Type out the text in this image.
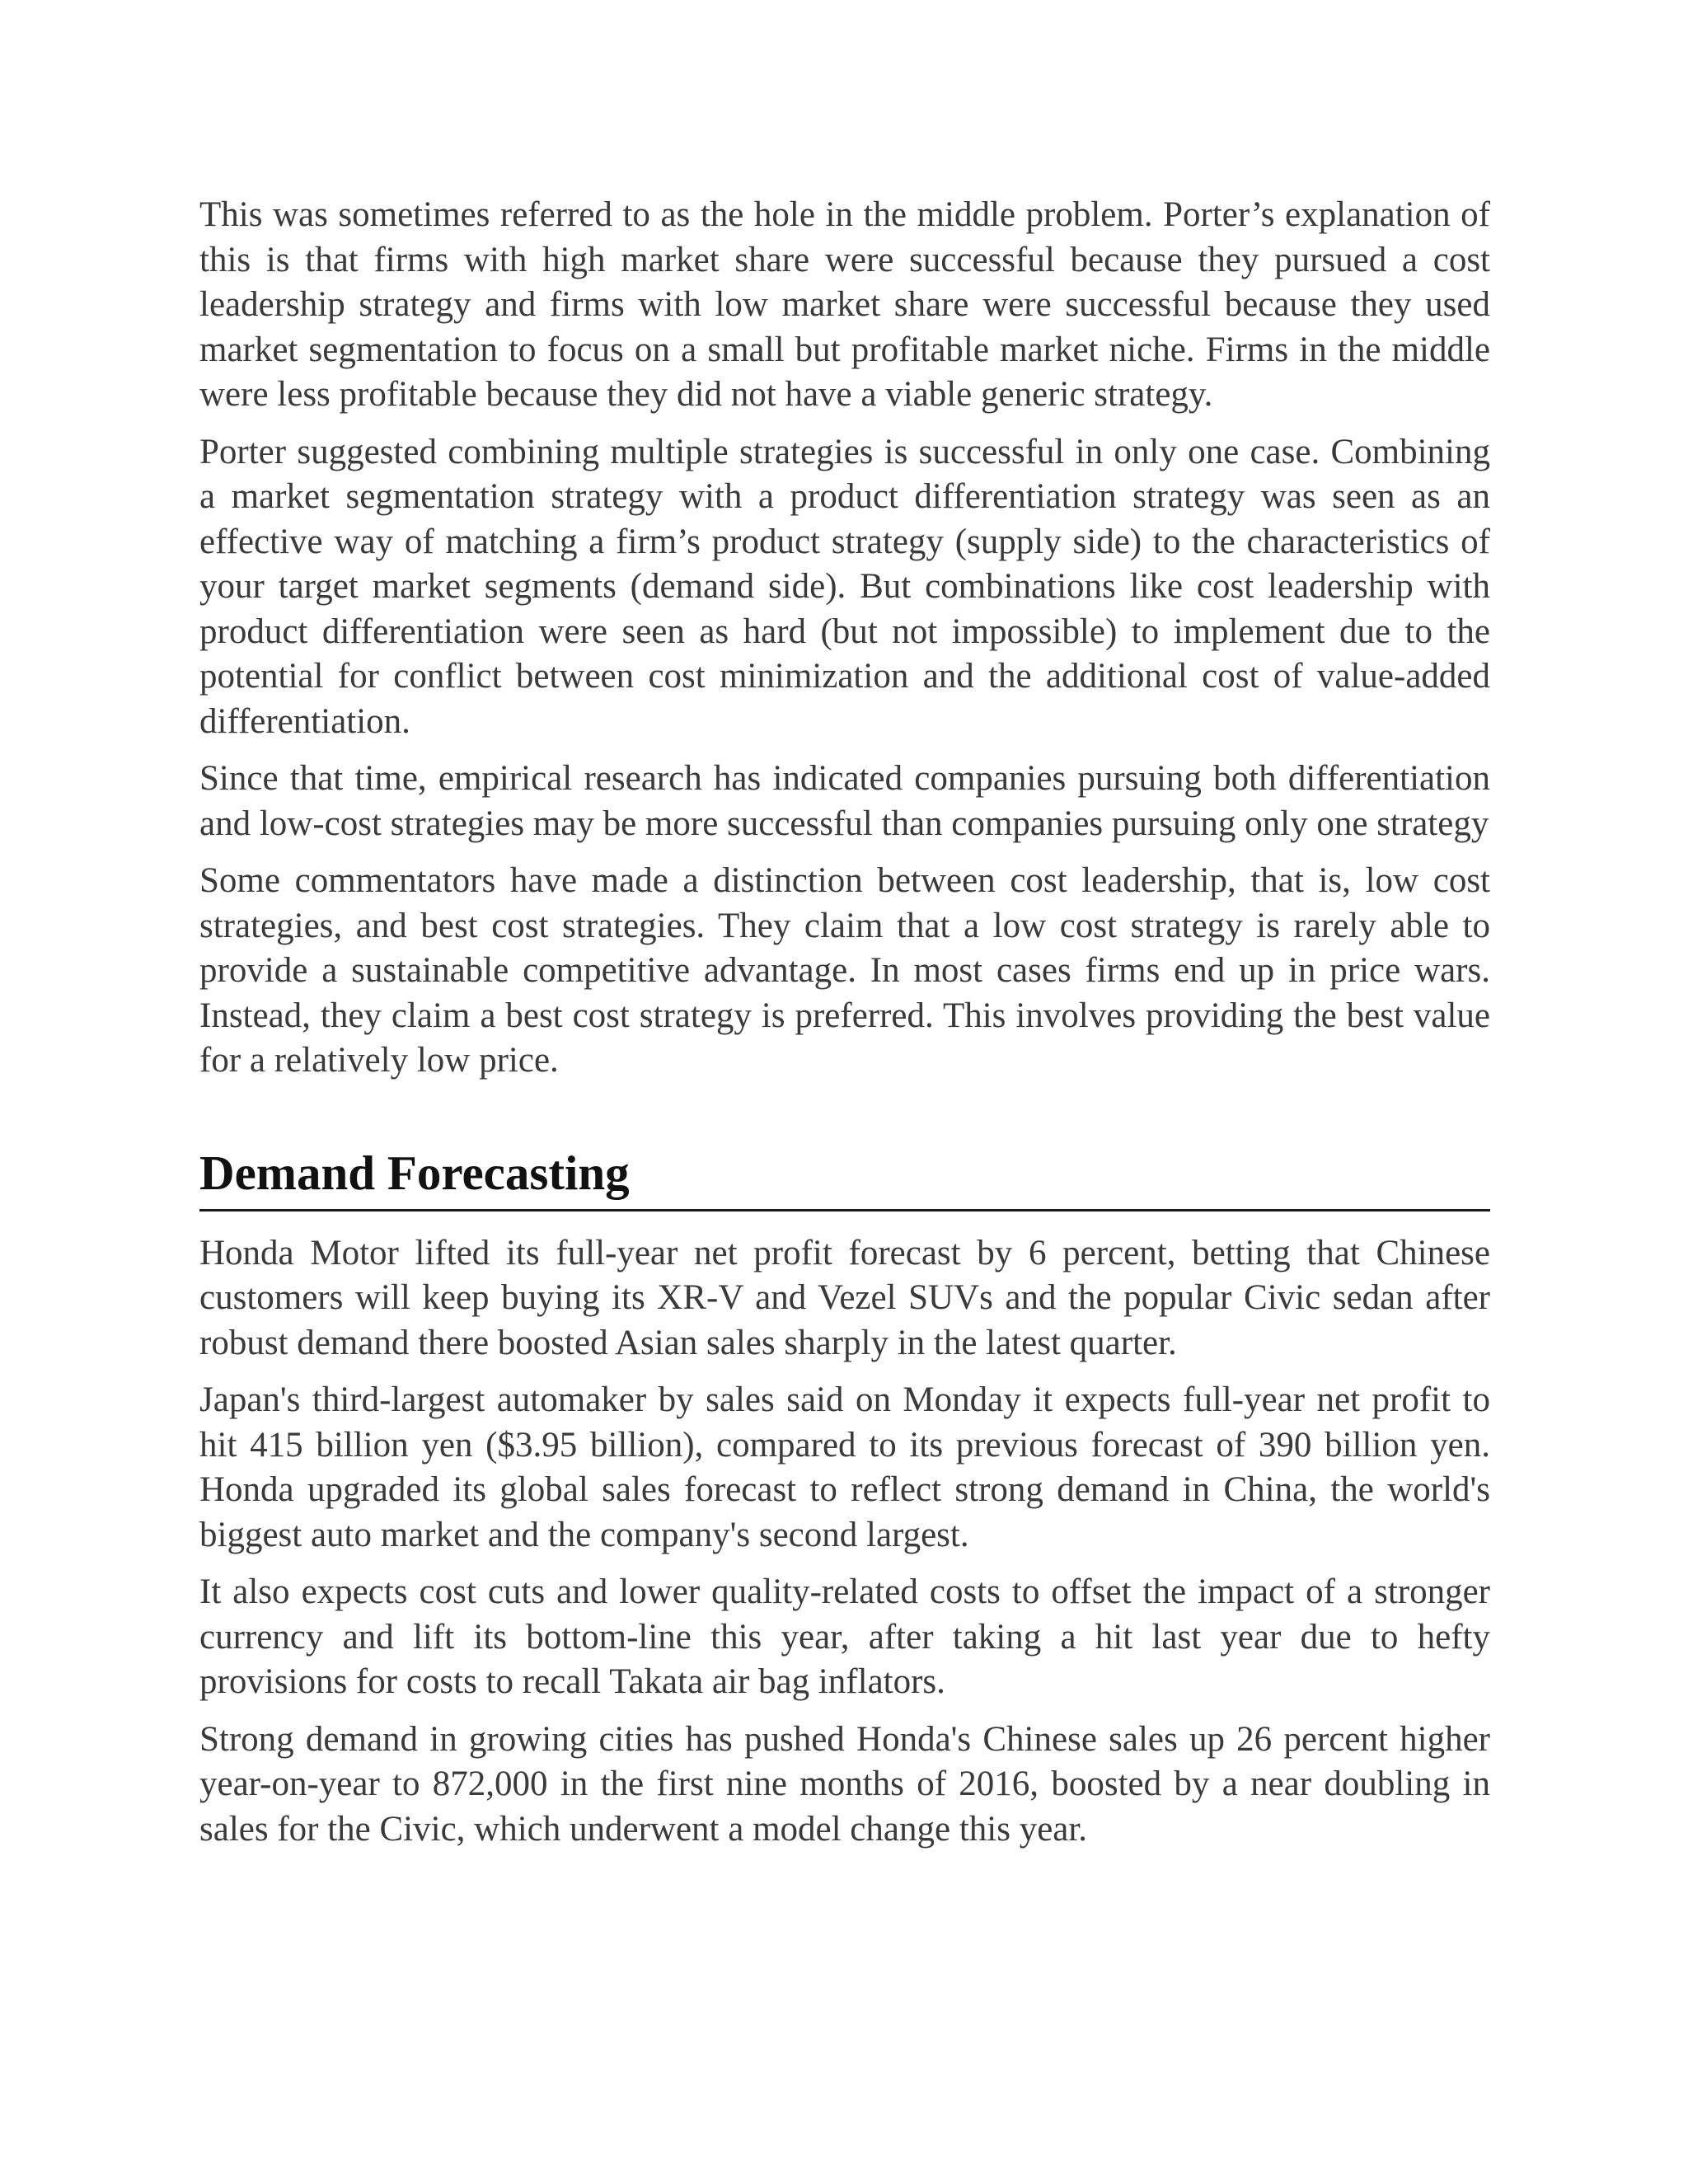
This was sometimes referred to as the hole in the middle problem. Porter’s explanation of this is that firms with high market share were successful because they pursued a cost leadership strategy and firms with low market share were successful because they used market segmentation to focus on a small but profitable market niche. Firms in the middle were less profitable because they did not have a viable generic strategy.

Porter suggested combining multiple strategies is successful in only one case. Combining a market segmentation strategy with a product differentiation strategy was seen as an effective way of matching a firm’s product strategy (supply side) to the characteristics of your target market segments (demand side). But combinations like cost leadership with product differentiation were seen as hard (but not impossible) to implement due to the potential for conflict between cost minimization and the additional cost of value-added differentiation.

Since that time, empirical research has indicated companies pursuing both differentiation and low-cost strategies may be more successful than companies pursuing only one strategy

Some commentators have made a distinction between cost leadership, that is, low cost strategies, and best cost strategies. They claim that a low cost strategy is rarely able to provide a sustainable competitive advantage. In most cases firms end up in price wars. Instead, they claim a best cost strategy is preferred. This involves providing the best value for a relatively low price.

Demand Forecasting

Honda Motor lifted its full-year net profit forecast by 6 percent, betting that Chinese customers will keep buying its XR-V and Vezel SUVs and the popular Civic sedan after robust demand there boosted Asian sales sharply in the latest quarter.

Japan's third-largest automaker by sales said on Monday it expects full-year net profit to hit 415 billion yen ($3.95 billion), compared to its previous forecast of 390 billion yen. Honda upgraded its global sales forecast to reflect strong demand in China, the world's biggest auto market and the company's second largest.

It also expects cost cuts and lower quality-related costs to offset the impact of a stronger currency and lift its bottom-line this year, after taking a hit last year due to hefty provisions for costs to recall Takata air bag inflators.

Strong demand in growing cities has pushed Honda's Chinese sales up 26 percent higher year-on-year to 872,000 in the first nine months of 2016, boosted by a near doubling in sales for the Civic, which underwent a model change this year.
